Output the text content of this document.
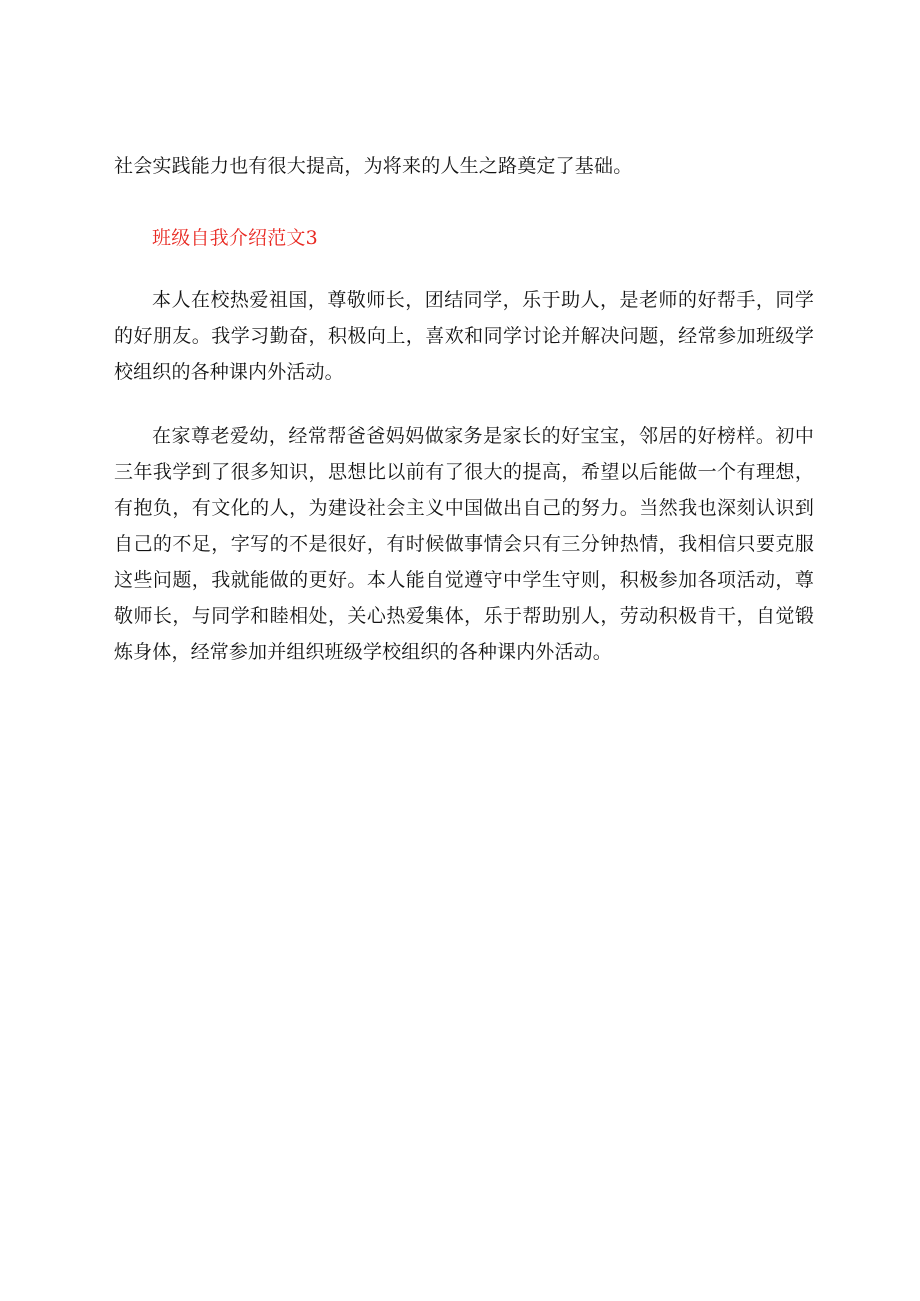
社会实践能力也有很大提高，为将来的人生之路奠定了基础。

班级自我介绍范文3

本人在校热爱祖国，尊敬师长，团结同学，乐于助人，是老师的好帮手，同学的好朋友。我学习勤奋，积极向上，喜欢和同学讨论并解决问题，经常参加班级学校组织的各种课内外活动。

在家尊老爱幼，经常帮爸爸妈妈做家务是家长的好宝宝，邻居的好榜样。初中三年我学到了很多知识，思想比以前有了很大的提高，希望以后能做一个有理想，有抱负，有文化的人，为建设社会主义中国做出自己的努力。当然我也深刻认识到自己的不足，字写的不是很好，有时候做事情会只有三分钟热情，我相信只要克服这些问题，我就能做的更好。本人能自觉遵守中学生守则，积极参加各项活动，尊敬师长，与同学和睦相处，关心热爱集体，乐于帮助别人，劳动积极肯干，自觉锻炼身体，经常参加并组织班级学校组织的各种课内外活动。
